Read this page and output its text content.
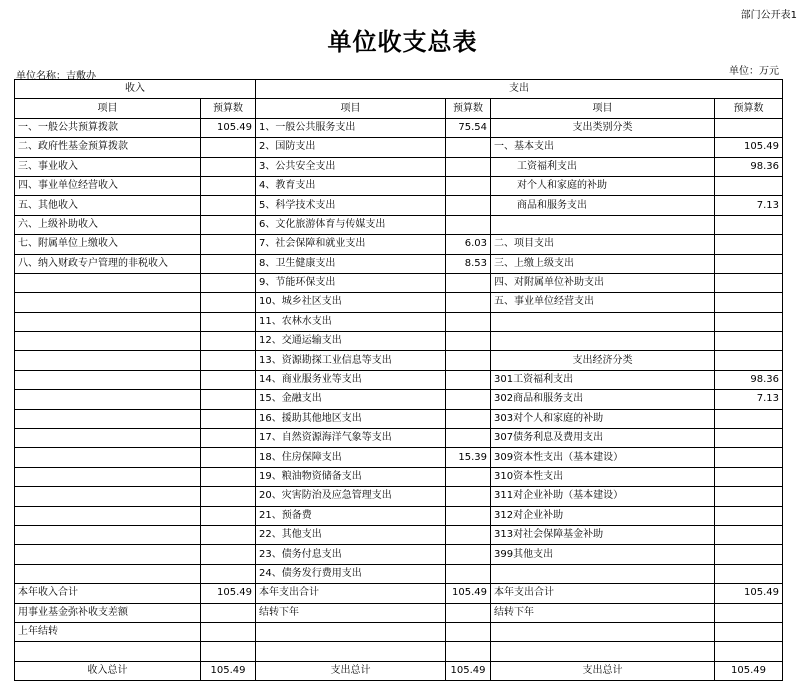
部门公开表1
单位收支总表
单位名称：吉敷办	单位：万元
收入		支出			
项目	预算数	项目	预算数	项目	预算数
一、一般公共预算拨款	105.49	1、一般公共服务支出	75.54	支出类别分类	
二、政府性基金预算拨款		2、国防支出		一、基本支出	105.49
三、事业收入		3、公共安全支出		工资福利支出	98.36
四、事业单位经营收入		4、教育支出		对个人和家庭的补助	
五、其他收入		5、科学技术支出		商品和服务支出	7.13
六、上级补助收入		6、文化旅游体育与传媒支出			
七、附属单位上缴收入		7、社会保障和就业支出	6.03	二、项目支出	
八、纳入财政专户管理的非税收入		8、卫生健康支出	8.53	三、上缴上级支出	
		9、节能环保支出		四、对附属单位补助支出	
		10、城乡社区支出		五、事业单位经营支出	
		11、农林水支出			
		12、交通运输支出			
		13、资源勘探工业信息等支出		支出经济分类	
		14、商业服务业等支出		301工资福利支出	98.36
		15、金融支出		302商品和服务支出	7.13
		16、援助其他地区支出		303对个人和家庭的补助	
		17、自然资源海洋气象等支出		307债务利息及费用支出	
		18、住房保障支出	15.39	309资本性支出（基本建设）	
		19、粮油物资储备支出		310资本性支出	
		20、灾害防治及应急管理支出		311对企业补助（基本建设）	
		21、预备费		312对企业补助	
		22、其他支出		313对社会保障基金补助	
		23、债务付息支出		399其他支出	
		24、债务发行费用支出			
本年收入合计	105.49	本年支出合计	105.49	本年支出合计	105.49
用事业基金弥补收支差额		结转下年		结转下年	
上年结转					

收入总计	105.49	支出总计	105.49	支出总计	105.49
